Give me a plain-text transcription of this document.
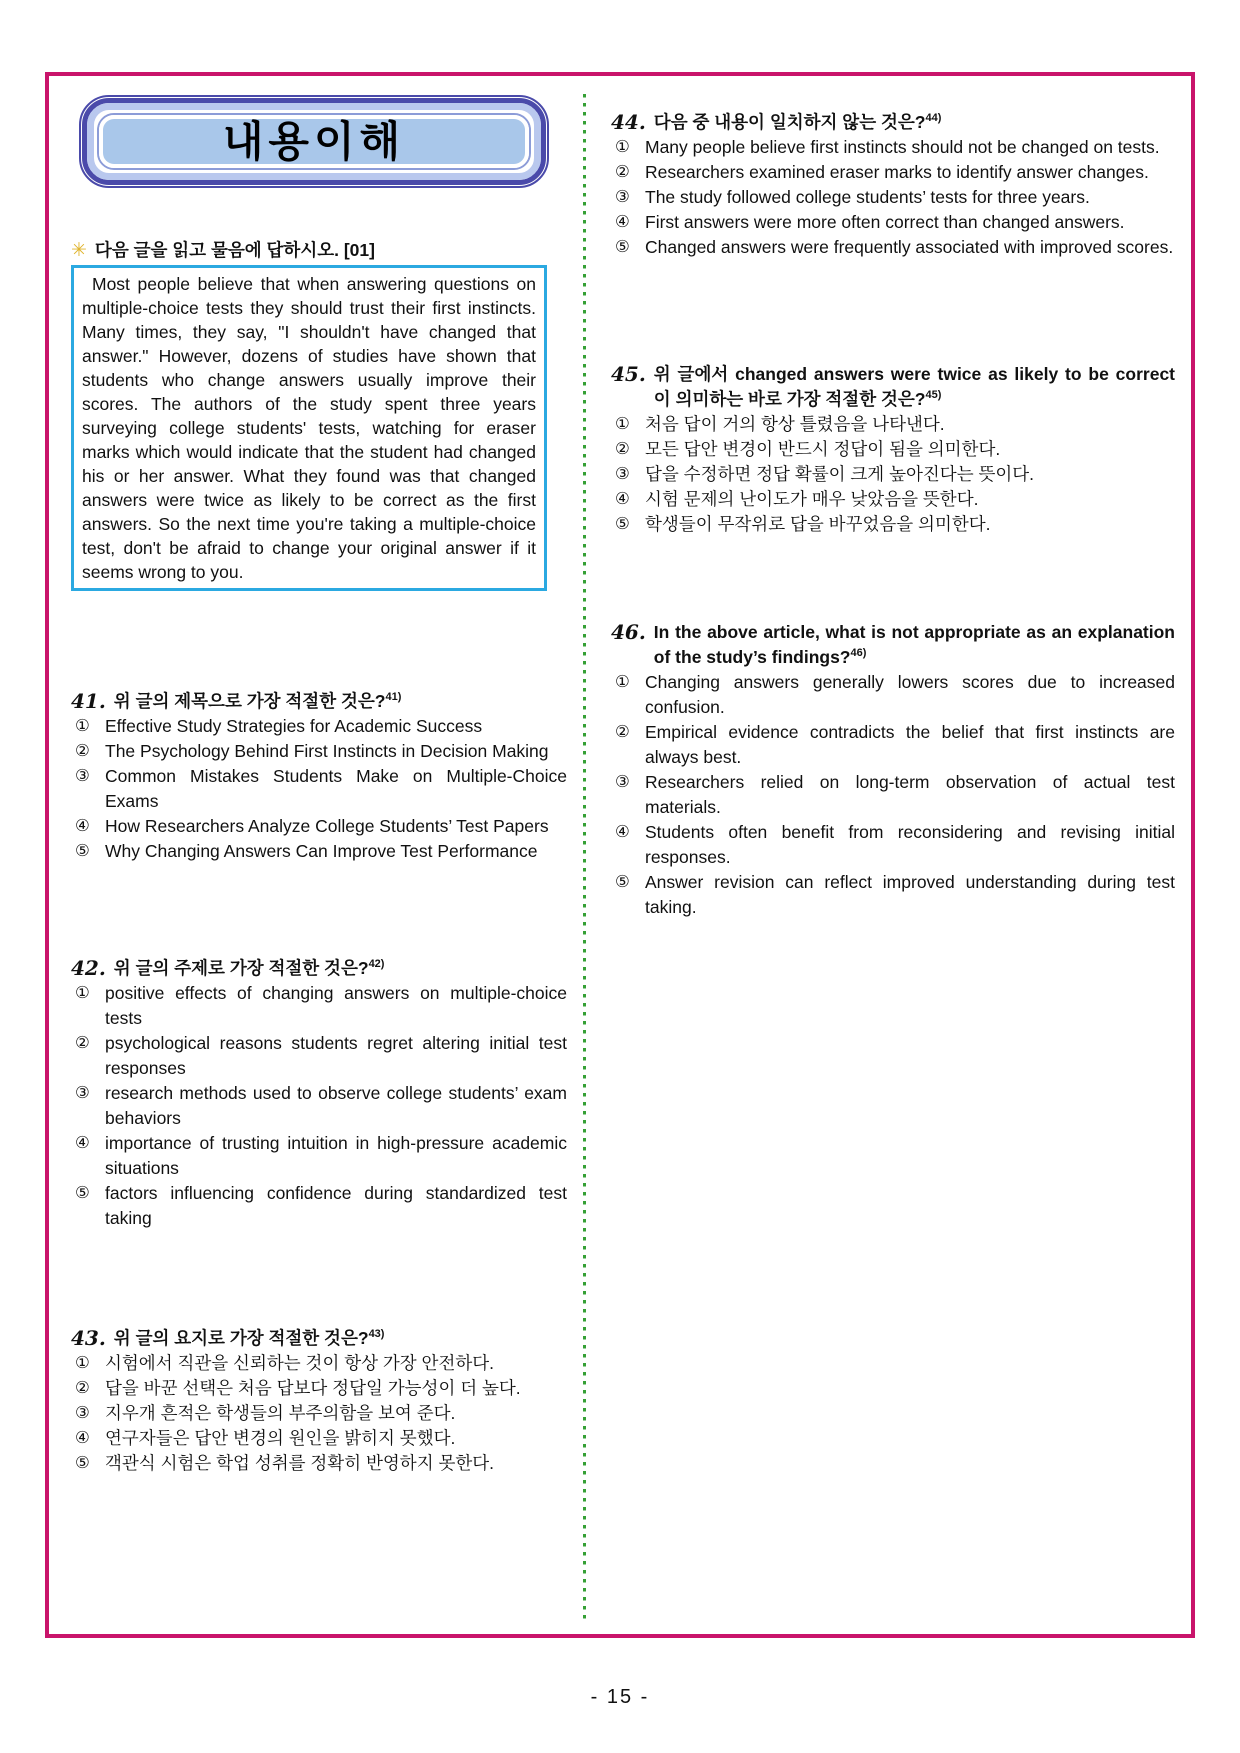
내용이해
✳ 다음 글을 읽고 물음에 답하시오. [01]
Most people believe that when answering questions on multiple-choice tests they should trust their first instincts. Many times, they say, "I shouldn't have changed that answer." However, dozens of studies have shown that students who change answers usually improve their scores. The authors of the study spent three years surveying college students' tests, watching for eraser marks which would indicate that the student had changed his or her answer. What they found was that changed answers were twice as likely to be correct as the first answers. So the next time you're taking a multiple-choice test, don't be afraid to change your original answer if it seems wrong to you.
41. 위 글의 제목으로 가장 적절한 것은?$^{41)}$
① Effective Study Strategies for Academic Success
② The Psychology Behind First Instincts in Decision Making
③ Common Mistakes Students Make on Multiple-Choice Exams
④ How Researchers Analyze College Students’ Test Papers
⑤ Why Changing Answers Can Improve Test Performance
42. 위 글의 주제로 가장 적절한 것은?$^{42)}$
① positive effects of changing answers on multiple-choice tests
② psychological reasons students regret altering initial test responses
③ research methods used to observe college students’ exam behaviors
④ importance of trusting intuition in high-pressure academic situations
⑤ factors influencing confidence during standardized test taking
43. 위 글의 요지로 가장 적절한 것은?$^{43)}$
① 시험에서 직관을 신뢰하는 것이 항상 가장 안전하다.
② 답을 바꾼 선택은 처음 답보다 정답일 가능성이 더 높다.
③ 지우개 흔적은 학생들의 부주의함을 보여 준다.
④ 연구자들은 답안 변경의 원인을 밝히지 못했다.
⑤ 객관식 시험은 학업 성취를 정확히 반영하지 못한다.
44. 다음 중 내용이 일치하지 않는 것은?$^{44)}$
① Many people believe first instincts should not be changed on tests.
② Researchers examined eraser marks to identify answer changes.
③ The study followed college students’ tests for three years.
④ First answers were more often correct than changed answers.
⑤ Changed answers were frequently associated with improved scores.
45. 위 글에서 changed answers were twice as likely to be correct 이 의미하는 바로 가장 적절한 것은?$^{45)}$
① 처음 답이 거의 항상 틀렸음을 나타낸다.
② 모든 답안 변경이 반드시 정답이 됨을 의미한다.
③ 답을 수정하면 정답 확률이 크게 높아진다는 뜻이다.
④ 시험 문제의 난이도가 매우 낮았음을 뜻한다.
⑤ 학생들이 무작위로 답을 바꾸었음을 의미한다.
46. In the above article, what is not appropriate as an explanation of the study’s findings?$^{46)}$
① Changing answers generally lowers scores due to increased confusion.
② Empirical evidence contradicts the belief that first instincts are always best.
③ Researchers relied on long-term observation of actual test materials.
④ Students often benefit from reconsidering and revising initial responses.
⑤ Answer revision can reflect improved understanding during test taking.
- 15 -
